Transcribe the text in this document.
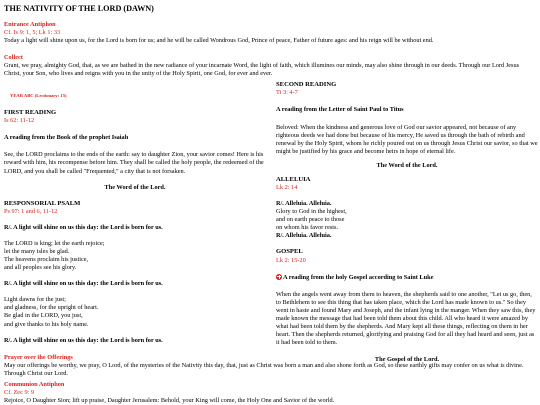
THE NATIVITY OF THE LORD (DAWN)
Entrance Antiphon
Cf. Is 9: 1, 5; Lk 1: 33
Today a light will shine upon us, for the Lord is born for us; and he will be called Wondrous God, Prince of peace, Father of future ages: and his reign will be without end.
Collect
Grant, we pray, almighty God, that, as we are bathed in the new radiance of your incarnate Word, the light of faith, which illumines our minds, may also shine through in our deeds. Through our Lord Jesus Christ, your Son, who lives and reigns with you in the unity of the Holy Spirit, one God, for ever and ever.
YEAR ABC (Lectionary: 15)
FIRST READING
Is 62: 11-12
A reading from the Book of the prophet Isaiah

See, the LORD proclaims to the ends of the earth: say to daughter Zion, your savior comes! Here is his reward with him, his recompense before him. They shall be called the holy people, the redeemed of the LORD, and you shall be called "Frequented," a city that is not forsaken.

The Word of the Lord.
RESPONSORIAL PSALM
Ps 97: 1 and 6, 11-12
R/. A light will shine on us this day: the Lord is born for us.
The LORD is king; let the earth rejoice;
let the many isles be glad.
The heavens proclaim his justice,
and all peoples see his glory.
R/. A light will shine on us this day: the Lord is born for us.
Light dawns for the just;
and gladness, for the upright of heart.
Be glad in the LORD, you just,
and give thanks to his holy name.
R/. A light will shine on us this day: the Lord is born for us.
SECOND READING
Ti 3: 4-7
A reading from the Letter of Saint Paul to Titus

Beloved: When the kindness and generous love of God our savior appeared, not because of any righteous deeds we had done but because of his mercy, He saved us through the bath of rebirth and renewal by the Holy Spirit, whom he richly poured out on us through Jesus Christ our savior, so that we might be justified by his grace and become heirs in hope of eternal life.

The Word of the Lord.
ALLELUIA
Lk 2: 14
R/. Alleluia. Alleluia.
Glory to God in the highest,
and on earth peace to those
on whom his favor rests.
R/. Alleluia. Alleluia.
GOSPEL
Lk 2: 15-20
A reading from the holy Gospel according to Saint Luke

When the angels went away from them to heaven, the shepherds said to one another, "Let us go, then, to Bethlehem to see this thing that has taken place, which the Lord has made known to us." So they went in haste and found Mary and Joseph, and the infant lying in the manger. When they saw this, they made known the message that had been told them about this child. All who heard it were amazed by what had been told them by the shepherds. And Mary kept all these things, reflecting on them in her heart. Then the shepherds returned, glorifying and praising God for all they had heard and seen, just as it had been told to them.

The Gospel of the Lord.
Prayer over the Offerings
May our offerings be worthy, we pray, O Lord, of the mysteries of the Nativity this day, that, just as Christ was born a man and also shone forth as God, so these earthly gifts may confer on us what is divine. Through Christ our Lord.
Communion Antiphon
Cf. Zec 9: 9
Rejoice, O Daughter Sion; lift up praise, Daughter Jerusalem: Behold, your King will come, the Holy One and Savior of the world.
